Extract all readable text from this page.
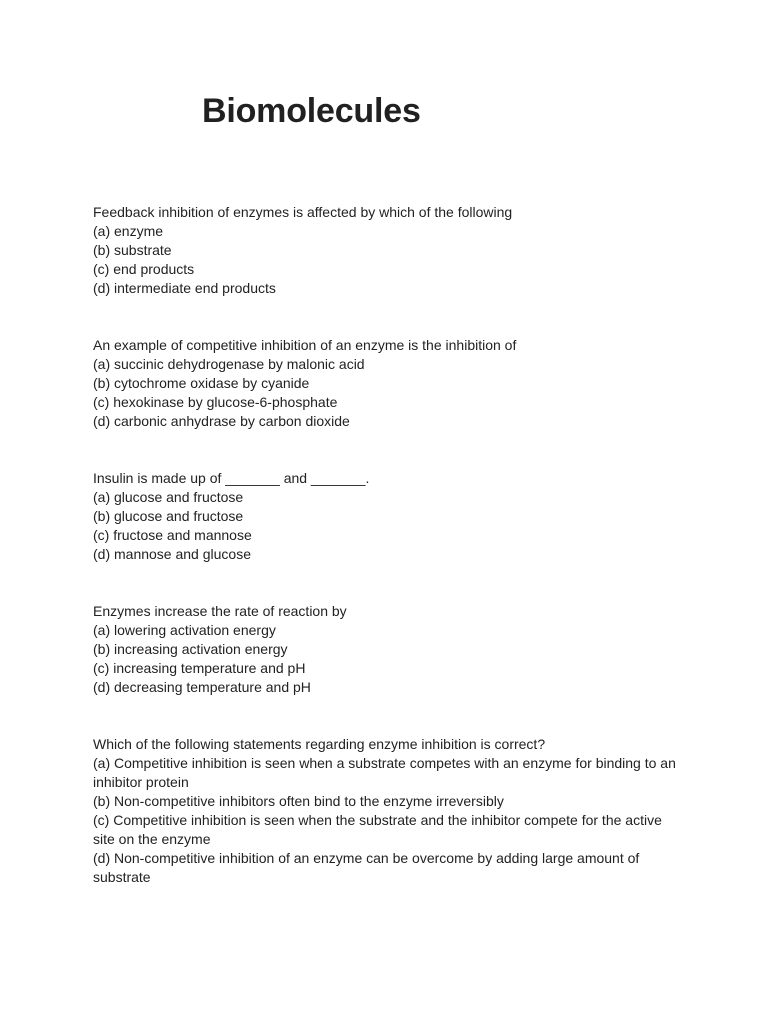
Biomolecules
Feedback inhibition of enzymes is affected by which of the following
(a) enzyme
(b) substrate
(c) end products
(d) intermediate end products
An example of competitive inhibition of an enzyme is the inhibition of
(a) succinic dehydrogenase by malonic acid
(b) cytochrome oxidase by cyanide
(c) hexokinase by glucose-6-phosphate
(d) carbonic anhydrase by carbon dioxide
Insulin is made up of _______ and _______.
(a) glucose and fructose
(b) glucose and fructose
(c) fructose and mannose
(d) mannose and glucose
Enzymes increase the rate of reaction by
(a) lowering activation energy
(b) increasing activation energy
(c) increasing temperature and pH
(d) decreasing temperature and pH
Which of the following statements regarding enzyme inhibition is correct?
(a) Competitive inhibition is seen when a substrate competes with an enzyme for binding to an inhibitor protein
(b) Non-competitive inhibitors often bind to the enzyme irreversibly
(c) Competitive inhibition is seen when the substrate and the inhibitor compete for the active site on the enzyme
(d) Non-competitive inhibition of an enzyme can be overcome by adding large amount of substrate
